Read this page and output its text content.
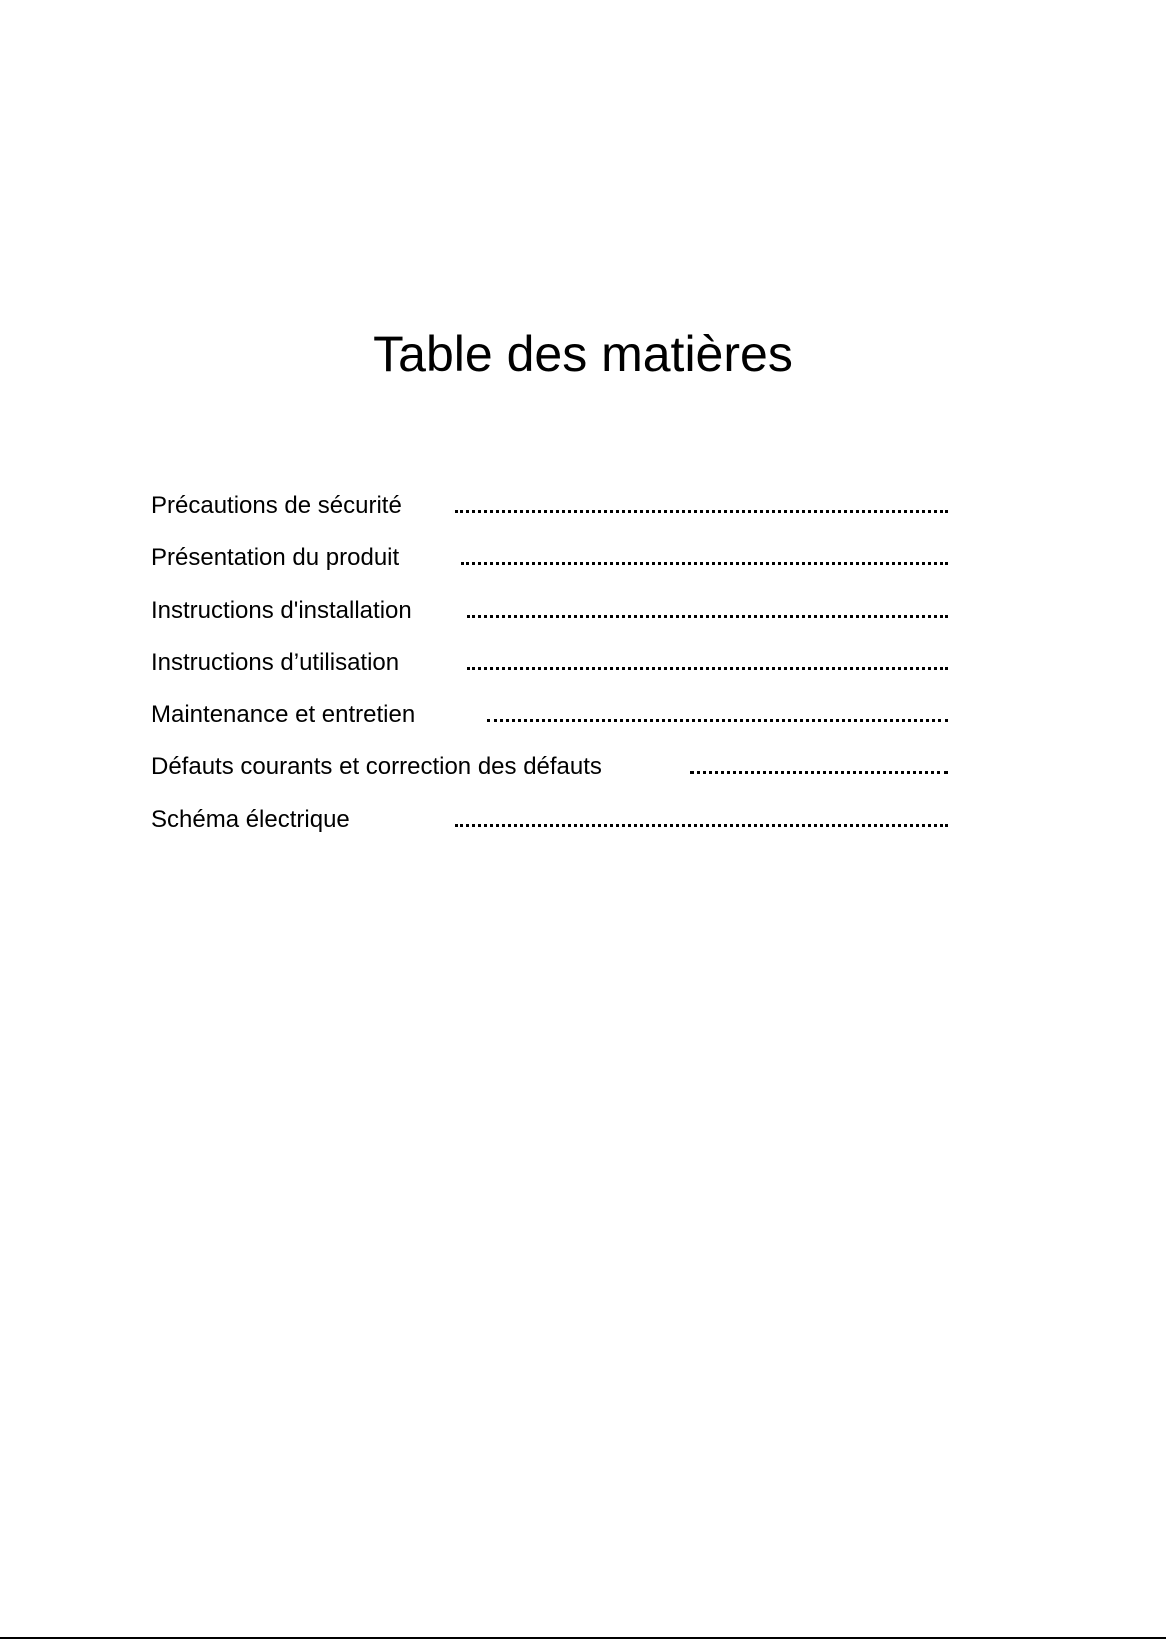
Table des matières
Précautions de sécurité
Présentation du produit
Instructions d'installation
Instructions d’utilisation
Maintenance et entretien
Défauts courants et correction des défauts
Schéma électrique
